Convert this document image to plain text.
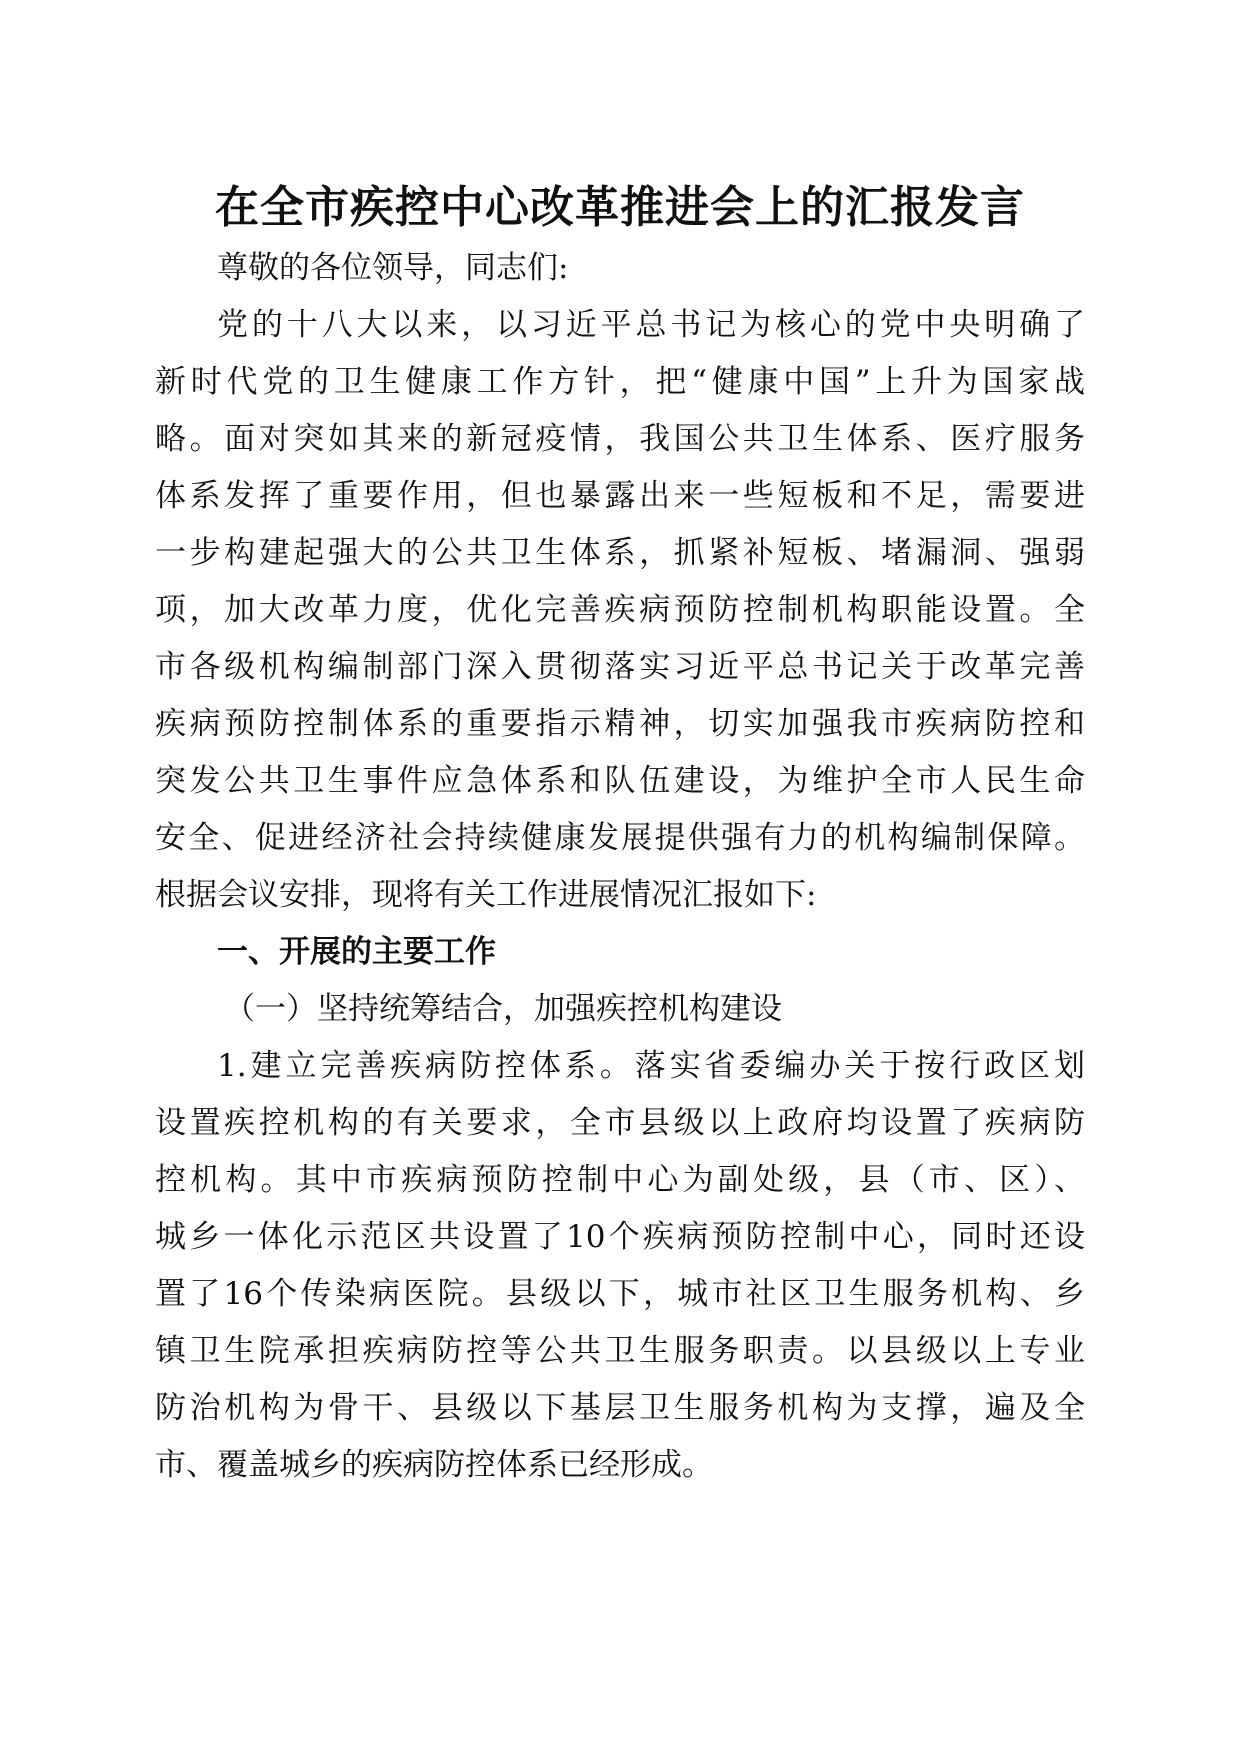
在全市疾控中心改革推进会上的汇报发言
尊敬的各位领导，同志们:
党的十八大以来，以习近平总书记为核心的党中央明确了
新时代党的卫生健康工作方针，把“健康中国”上升为国家战
略。面对突如其来的新冠疫情，我国公共卫生体系、医疗服务
体系发挥了重要作用，但也暴露出来一些短板和不足，需要进
一步构建起强大的公共卫生体系，抓紧补短板、堵漏洞、强弱
项，加大改革力度，优化完善疾病预防控制机构职能设置。全
市各级机构编制部门深入贯彻落实习近平总书记关于改革完善
疾病预防控制体系的重要指示精神，切实加强我市疾病防控和
突发公共卫生事件应急体系和队伍建设，为维护全市人民生命
安全、促进经济社会持续健康发展提供强有力的机构编制保障。
根据会议安排，现将有关工作进展情况汇报如下:
一、开展的主要工作
（一）坚持统筹结合，加强疾控机构建设
1.建立完善疾病防控体系。落实省委编办关于按行政区划
设置疾控机构的有关要求，全市县级以上政府均设置了疾病防
控机构。其中市疾病预防控制中心为副处级，县（市、区）、
城乡一体化示范区共设置了10个疾病预防控制中心，同时还设
置了16个传染病医院。县级以下，城市社区卫生服务机构、乡
镇卫生院承担疾病防控等公共卫生服务职责。以县级以上专业
防治机构为骨干、县级以下基层卫生服务机构为支撑，遍及全
市、覆盖城乡的疾病防控体系已经形成。
